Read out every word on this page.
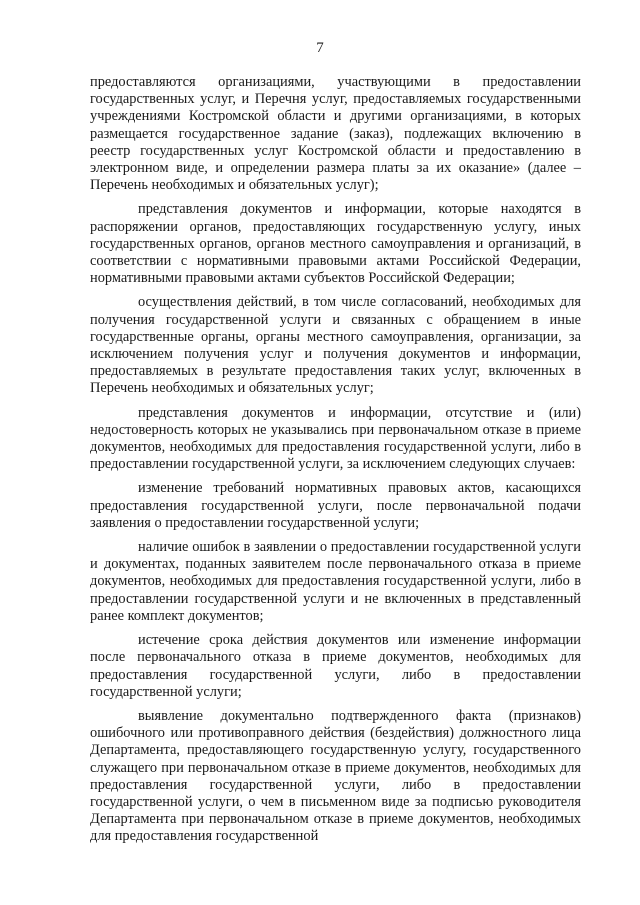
7

предоставляются организациями, участвующими в предоставлении государственных услуг, и Перечня услуг, предоставляемых государственными учреждениями Костромской области и другими организациями, в которых размещается государственное задание (заказ), подлежащих включению в реестр государственных услуг Костромской области и предоставлению в электронном виде, и определении размера платы за их оказание» (далее – Перечень необходимых и обязательных услуг);

представления документов и информации, которые находятся в распоряжении органов, предоставляющих государственную услугу, иных государственных органов, органов местного самоуправления и организаций, в соответствии с нормативными правовыми актами Российской Федерации, нормативными правовыми актами субъектов Российской Федерации;

осуществления действий, в том числе согласований, необходимых для получения государственной услуги и связанных с обращением в иные государственные органы, органы местного самоуправления, организации, за исключением получения услуг и получения документов и информации, предоставляемых в результате предоставления таких услуг, включенных в Перечень необходимых и обязательных услуг;

представления документов и информации, отсутствие и (или) недостоверность которых не указывались при первоначальном отказе в приеме документов, необходимых для предоставления государственной услуги, либо в предоставлении государственной услуги, за исключением следующих случаев:

изменение требований нормативных правовых актов, касающихся предоставления государственной услуги, после первоначальной подачи заявления о предоставлении государственной услуги;

наличие ошибок в заявлении о предоставлении государственной услуги и документах, поданных заявителем после первоначального отказа в приеме документов, необходимых для предоставления государственной услуги, либо в предоставлении государственной услуги и не включенных в представленный ранее комплект документов;

истечение срока действия документов или изменение информации после первоначального отказа в приеме документов, необходимых для предоставления государственной услуги, либо в предоставлении государственной услуги;

выявление документально подтвержденного факта (признаков) ошибочного или противоправного действия (бездействия) должностного лица Департамента, предоставляющего государственную услугу, государственного служащего при первоначальном отказе в приеме документов, необходимых для предоставления государственной услуги, либо в предоставлении государственной услуги, о чем в письменном виде за подписью руководителя Департамента при первоначальном отказе в приеме документов, необходимых для предоставления государственной
